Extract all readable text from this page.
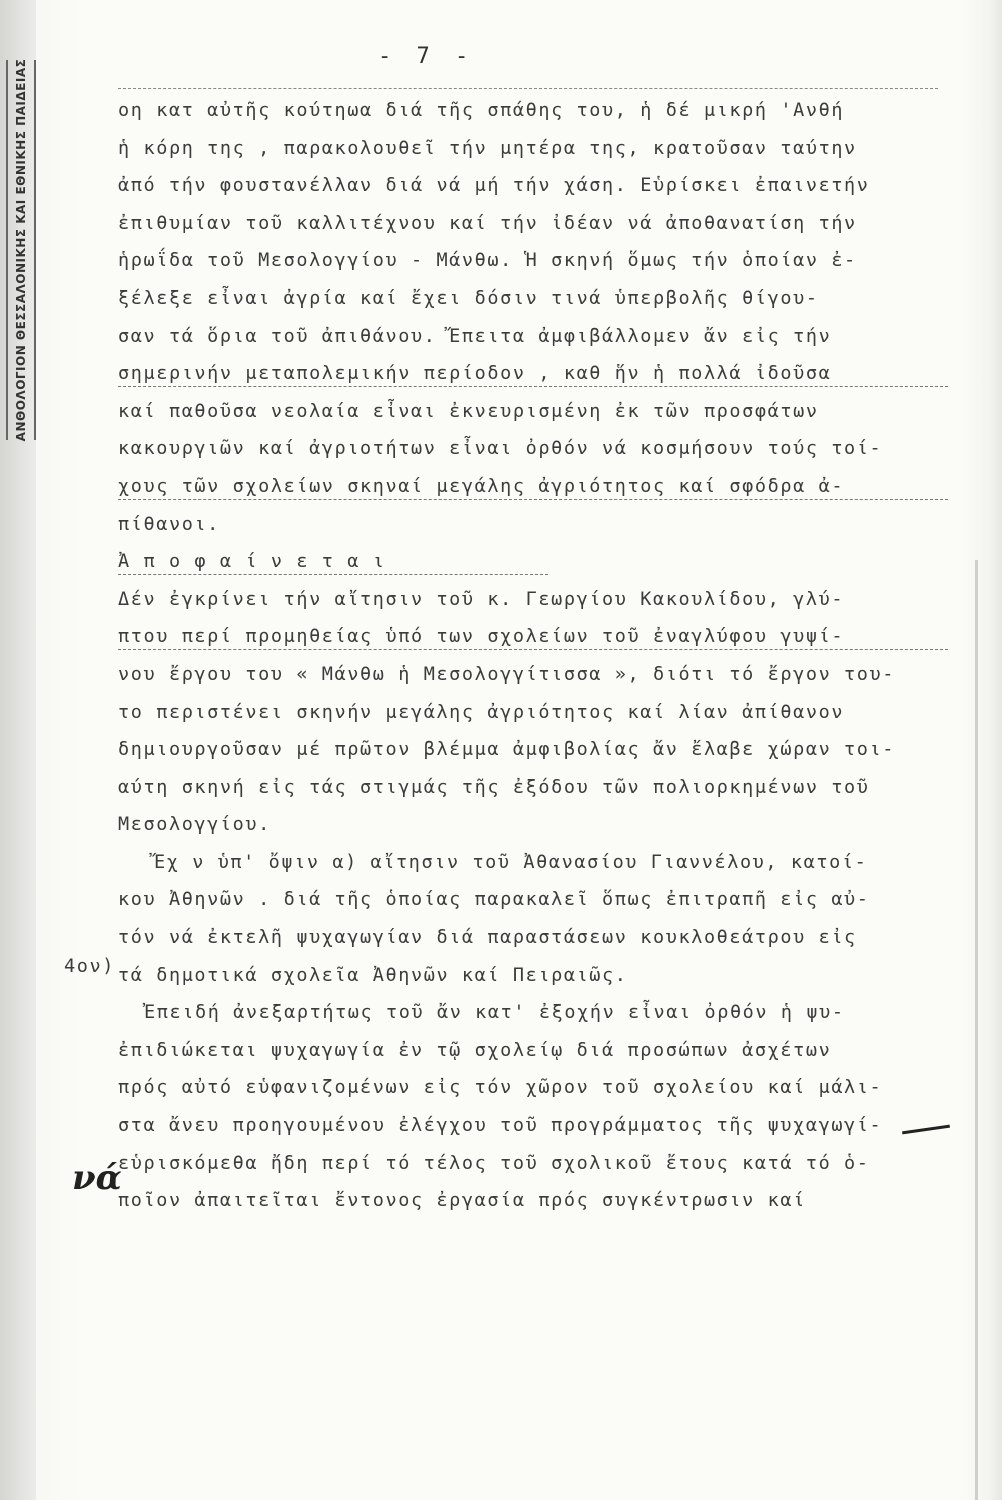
ΑΝΘΟΛΟΓΙΟΝ ΘΕΣΣΑΛΟΝΙΚΗΣ ΚΑΙ ΕΘΝΙΚΗΣ ΠΑΙΔΕΙΑΣ
- 7 -
4ον)
οη κατ αὐτῆς κούτηωα διά τῆς σπάθης του, ἡ δέ μικρή 'Ανθή
ἡ κόρη της , παρακολουθεῖ τήν μητέρα της, κρατοῦσαν ταύτην
ἀπό τήν φουστανέλλαν διά νά μή τήν χάση. Εὑρίσκει ἐπαινετήν
ἐπιθυμίαν τοῦ καλλιτέχνου καί τήν ἰδέαν νά ἀποθανατίση τήν
ἡρωΐδα τοῦ Μεσολογγίου - Μάνθω. Ἡ σκηνή ὅμως τήν ὁποίαν ἐ-
ξέλεξε εἶναι ἀγρία καί ἔχει δόσιν τινά ὑπερβολῆς θίγου-
σαν τά ὅρια τοῦ ἀπιθάνου. Ἔπειτα ἀμφιβάλλομεν ἄν εἰς τήν
σημερινήν μεταπολεμικήν περίοδον , καθ ἥν ἡ πολλά ἰδοῦσα
καί παθοῦσα νεολαία εἶναι ἐκνευρισμένη ἐκ τῶν προσφάτων
κακουργιῶν καί ἀγριοτήτων εἶναι ὀρθόν νά κοσμήσουν τούς τοί-
χους τῶν σχολείων σκηναί μεγάλης ἀγριότητος καί σφόδρα ἀ-
πίθανοι.
Ἀ π ο φ α ί ν ε τ α ι
Δέν ἐγκρίνει τήν αἴτησιν τοῦ κ. Γεωργίου Κακουλίδου, γλύ-
πτου περί προμηθείας ὑπό των σχολείων τοῦ ἐναγλύφου γυψί-
νου ἔργου του « Μάνθω ἡ Μεσολογγίτισσα », διότι τό ἔργον του-
το περιστένει σκηνήν μεγάλης ἀγριότητος καί λίαν ἀπίθανον
δημιουργοῦσαν μέ πρῶτον βλέμμα ἀμφιβολίας ἄν ἔλαβε χώραν τοι-
αύτη σκηνή εἰς τάς στιγμάς τῆς ἐξόδου τῶν πολιορκημένων τοῦ
Μεσολογγίου.
Ἔχ ν ὑπ' ὄψιν α) αἴτησιν τοῦ Ἀθανασίου Γιαννέλου, κατοί-
κου Ἀθηνῶν . διά τῆς ὁποίας παρακαλεῖ ὅπως ἐπιτραπῆ εἰς αὐ-
τόν νά ἐκτελῆ ψυχαγωγίαν διά παραστάσεων κουκλοθεάτρου εἰς
τά δημοτικά σχολεῖα Ἀθηνῶν καί Πειραιῶς.
Ἐπειδή ἀνεξαρτήτως τοῦ ἄν κατ' ἐξοχήν εἶναι ὀρθόν ἡ ψυ-
ἐπιδιώκεται ψυχαγωγία ἐν τῷ σχολείῳ διά προσώπων ἀσχέτων
πρός αὐτό εὑφανιζομένων εἰς τόν χῶρον τοῦ σχολείου καί μάλι-
στα ἄνευ προηγουμένου ἐλέγχου τοῦ προγράμματος τῆς ψυχαγωγί-
εὑρισκόμεθα ἤδη περί τό τέλος τοῦ σχολικοῦ ἔτους κατά τό ὁ-
ποῖον ἀπαιτεῖται ἔντονος ἐργασία πρός συγκέντρωσιν καί
νά
